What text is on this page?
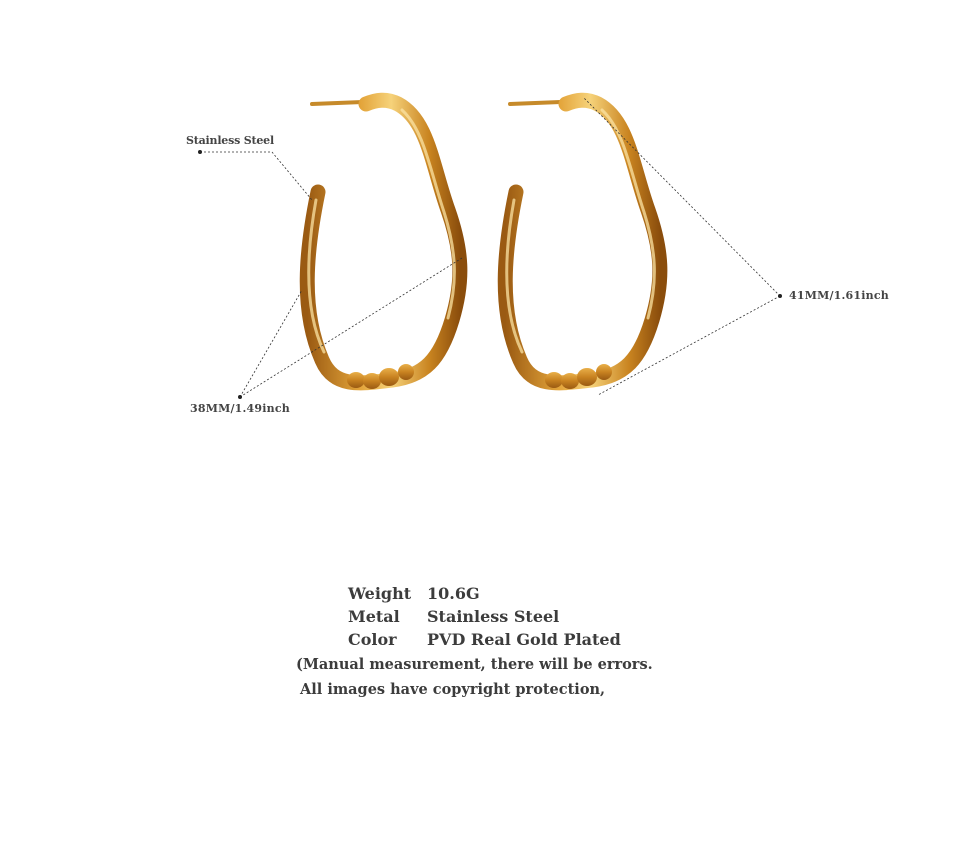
Stainless Steel
38MM/1.49inch
41MM/1.61inch
Weight 10.6G
Metal	Stainless Steel
Color	PVD Real Gold Plated
(Manual measurement, there will be errors.
All images have copyright protection,
